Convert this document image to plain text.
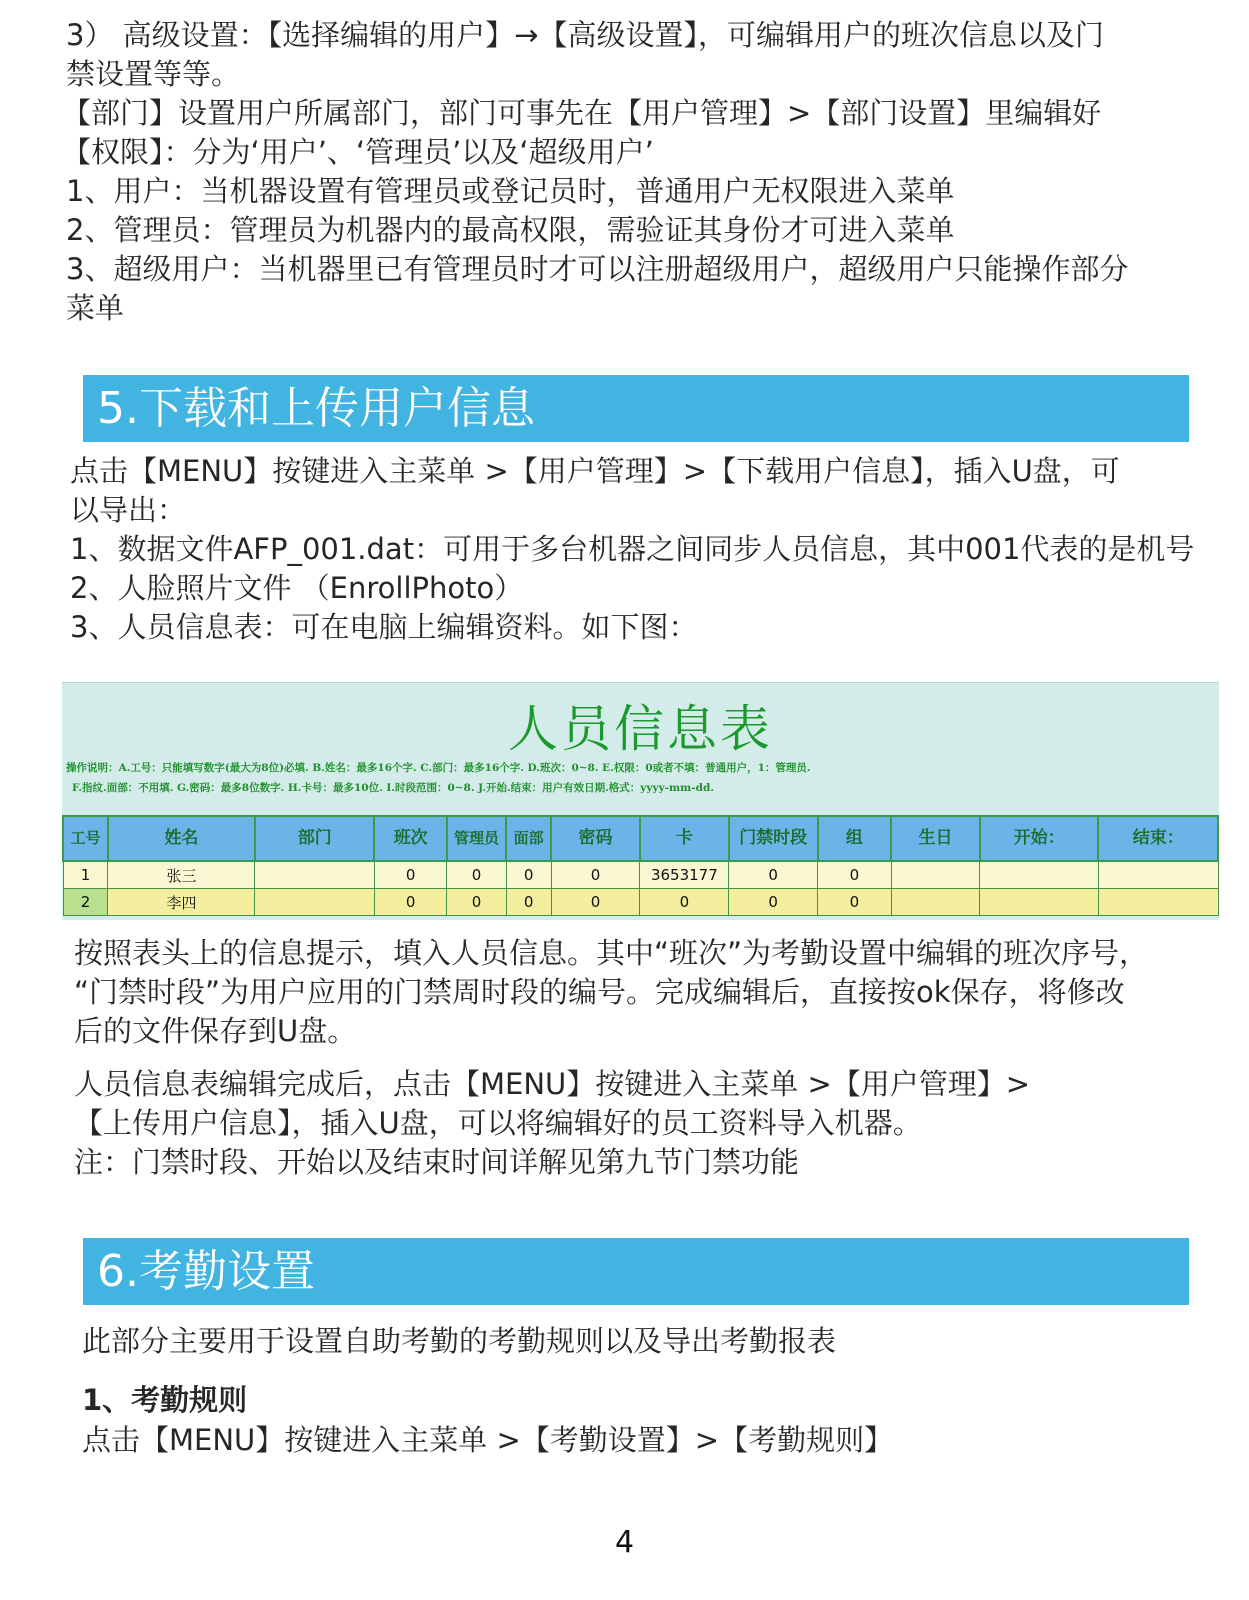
3） 高级设置：【选择编辑的用户】→【高级设置】，可编辑用户的班次信息以及门
禁设置等等。
【部门】设置用户所属部门，部门可事先在【用户管理】>【部门设置】里编辑好
【权限】：分为‘用户’、‘管理员’以及‘超级用户’
1、用户：当机器设置有管理员或登记员时，普通用户无权限进入菜单
2、管理员：管理员为机器内的最高权限，需验证其身份才可进入菜单
3、超级用户：当机器里已有管理员时才可以注册超级用户，超级用户只能操作部分
菜单
5.下载和上传用户信息
点击【MENU】按键进入主菜单 >【用户管理】>【下载用户信息】，插入U盘，可
以导出：
1、数据文件AFP_001.dat：可用于多台机器之间同步人员信息，其中001代表的是机号
2、人脸照片文件 （EnrollPhoto）
3、人员信息表：可在电脑上编辑资料。如下图：
人员信息表
操作说明：A.工号：只能填写数字(最大为8位)必填. B.姓名：最多16个字. C.部门：最多16个字. D.班次：0~8. E.权限：0或者不填：普通用户，1：管理员.
F.指纹.面部：不用填. G.密码：最多8位数字. H.卡号：最多10位. I.时段范围：0~8. J.开始.结束：用户有效日期.格式：yyyy-mm-dd.
工号	姓名	部门	班次	管理员	面部	密码	卡	门禁时段	组	生日	开始：	结束：
1	张三		0	0	0	0	3653177	0	0			
2	李四		0	0	0	0	0	0	0			
按照表头上的信息提示，填入人员信息。其中“班次”为考勤设置中编辑的班次序号，
“门禁时段”为用户应用的门禁周时段的编号。完成编辑后，直接按ok保存，将修改
后的文件保存到U盘。
人员信息表编辑完成后，点击【MENU】按键进入主菜单 >【用户管理】>
【上传用户信息】，插入U盘，可以将编辑好的员工资料导入机器。
注：门禁时段、开始以及结束时间详解见第九节门禁功能
6.考勤设置
此部分主要用于设置自助考勤的考勤规则以及导出考勤报表
1、考勤规则
点击【MENU】按键进入主菜单 >【考勤设置】>【考勤规则】
4
